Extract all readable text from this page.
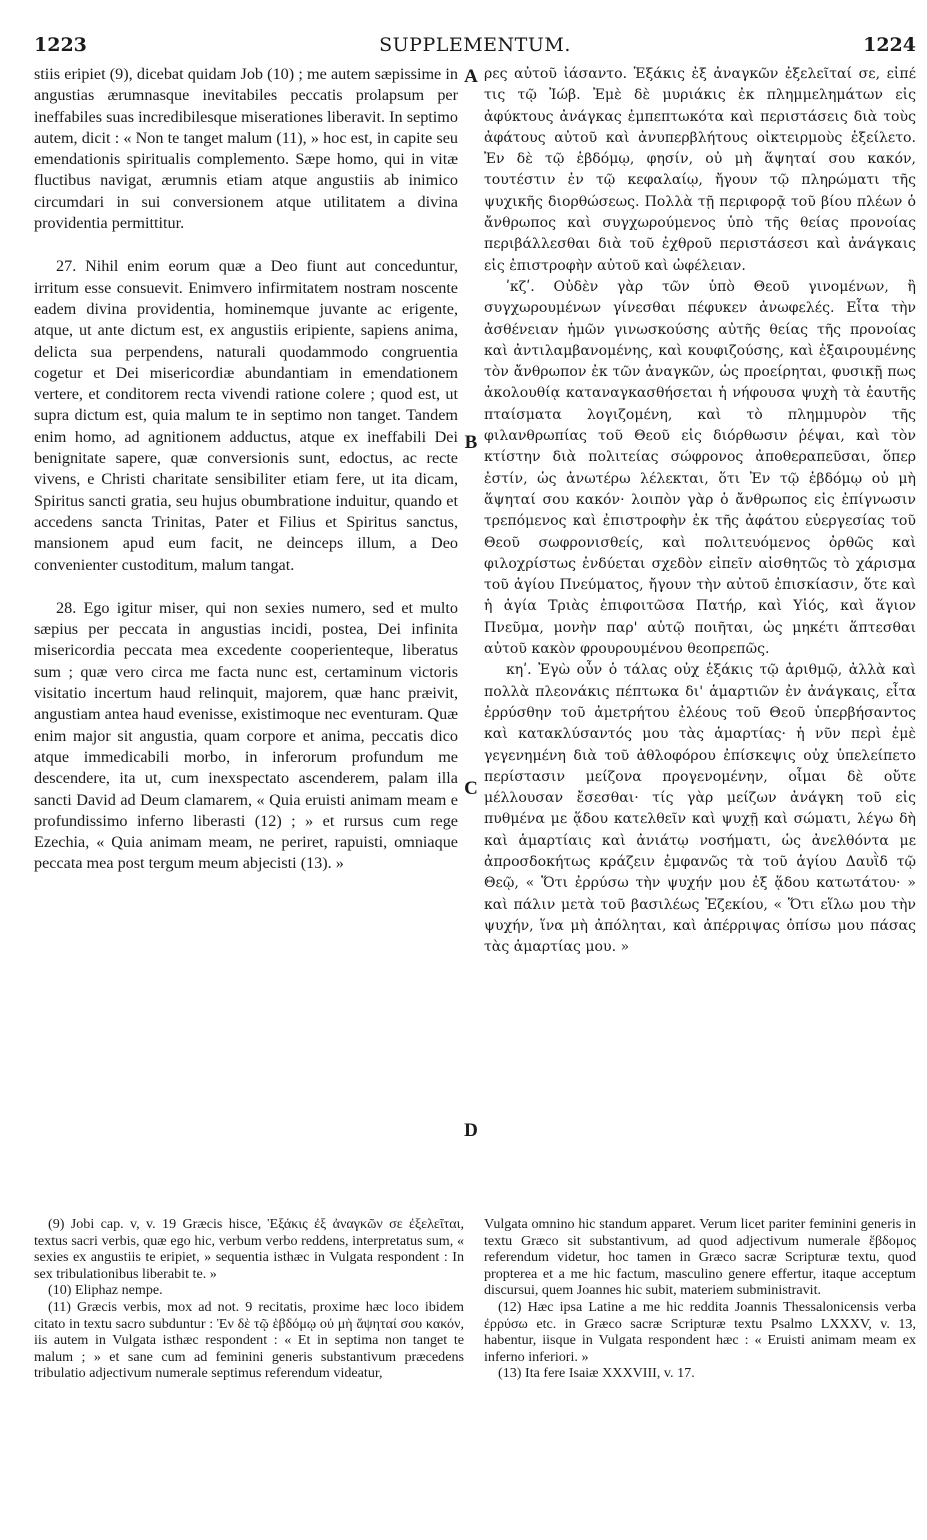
1223	SUPPLEMENTUM.	1224

stiis eripiet (9), dicebat quidam Job (10) ; me autem sæpissime in angustias ærumnasque inevitabiles peccatis prolapsum per ineffabiles suas incredibilesque miserationes liberavit. In septimo autem, dicit : « Non te tanget malum (11), » hoc est, in capite seu emendationis spiritualis complemento. Sæpe homo, qui in vitæ fluctibus navigat, ærumnis etiam atque angustiis ab inimico circumdari in sui conversionem atque utilitatem a divina providentia permittitur.

27. Nihil enim eorum quæ a Deo fiunt aut conceduntur, irritum esse consuevit. Enimvero infirmitatem nostram noscente eadem divina providentia, hominemque juvante ac erigente, atque, ut ante dictum est, ex angustiis eripiente, sapiens anima, delicta sua perpendens, naturali quodammodo congruentia cogetur et Dei misericordiæ abundantiam in emendationem vertere, et conditorem recta vivendi ratione colere ; quod est, ut supra dictum est, quia malum te in septimo non tanget. Tandem enim homo, ad agnitionem adductus, atque ex ineffabili Dei benignitate sapere, quæ conversionis sunt, edoctus, ac recte vivens, e Christi charitate sensibiliter etiam fere, ut ita dicam, Spiritus sancti gratia, seu hujus obumbratione induitur, quando et accedens sancta Trinitas, Pater et Filius et Spiritus sanctus, mansionem apud eum facit, ne deinceps illum, a Deo convenienter custoditum, malum tangat.

28. Ego igitur miser, qui non sexies numero, sed et multo sæpius per peccata in angustias incidi, postea, Dei infinita misericordia peccata mea excedente cooperienteque, liberatus sum ; quæ vero circa me facta nunc est, certaminum victoris visitatio incertum haud relinquit, majorem, quæ hanc præivit, angustiam antea haud evenisse, existimoque nec eventuram. Quæ enim major sit angustia, quam corpore et anima, peccatis dico atque immedicabili morbo, in inferorum profundum me descendere, ita ut, cum inexspectato ascenderem, palam illa sancti David ad Deum clamarem, « Quia eruisti animam meam e profundissimo inferno liberasti (12) ; » et rursus cum rege Ezechia, « Quia animam meam, ne periret, rapuisti, omniaque peccata mea post tergum meum abjecisti (13). »

A
B
C
D

ρες αὐτοῦ ἰάσαντο. Ἑξάκις ἐξ ἀναγκῶν ἐξελεῖταί σε, εἰπέ τις τῷ Ἰώβ. Ἐμὲ δὲ μυριάκις ἐκ πλημμελημάτων εἰς ἀφύκτους ἀνάγκας ἐμπεπτωκότα καὶ περιστάσεις διὰ τοὺς ἀφάτους αὐτοῦ καὶ ἀνυπερβλήτους οἰκτειρμοὺς ἐξείλετο. Ἐν δὲ τῷ ἑβδόμῳ, φησίν, οὐ μὴ ἅψηταί σου κακόν, τουτέστιν ἐν τῷ κεφαλαίῳ, ἤγουν τῷ πληρώματι τῆς ψυχικῆς διορθώσεως. Πολλὰ τῇ περιφορᾷ τοῦ βίου πλέων ὁ ἄνθρωπος καὶ συγχωρούμενος ὑπὸ τῆς θείας προνοίας περιβάλλεσθαι διὰ τοῦ ἐχθροῦ περιστάσεσι καὶ ἀνάγκαις εἰς ἐπιστροφὴν αὐτοῦ καὶ ὠφέλειαν.

ʹκζʹ. Οὐδὲν γὰρ τῶν ὑπὸ Θεοῦ γινομένων, ἢ συγχωρουμένων γίνεσθαι πέφυκεν ἀνωφελές. Εἶτα τὴν ἀσθένειαν ἡμῶν γινωσκούσης αὐτῆς θείας τῆς προνοίας καὶ ἀντιλαμβανομένης, καὶ κουφιζούσης, καὶ ἐξαιρουμένης τὸν ἄνθρωπον ἐκ τῶν ἀναγκῶν, ὡς προείρηται, φυσικῇ πως ἀκολουθίᾳ καταναγκασθήσεται ἡ νήφουσα ψυχὴ τὰ ἑαυτῆς πταίσματα λογιζομένη, καὶ τὸ πλημμυρὸν τῆς φιλανθρωπίας τοῦ Θεοῦ εἰς διόρθωσιν ῥέψαι, καὶ τὸν κτίστην διὰ πολιτείας σώφρονος ἀποθεραπεῦσαι, ὅπερ ἐστίν, ὡς ἀνωτέρω λέλεκται, ὅτι Ἐν τῷ ἑβδόμῳ οὐ μὴ ἅψηταί σου κακόν· λοιπὸν γὰρ ὁ ἄνθρωπος εἰς ἐπίγνωσιν τρεπόμενος καὶ ἐπιστροφὴν ἐκ τῆς ἀφάτου εὐεργεσίας τοῦ Θεοῦ σωφρονισθείς, καὶ πολιτευόμενος ὀρθῶς καὶ φιλοχρίστως ἐνδύεται σχεδὸν εἰπεῖν αἰσθητῶς τὸ χάρισμα τοῦ ἁγίου Πνεύματος, ἤγουν τὴν αὐτοῦ ἐπισκίασιν, ὅτε καὶ ἡ ἁγία Τριὰς ἐπιφοιτῶσα Πατήρ, καὶ Υἱός, καὶ ἅγιον Πνεῦμα, μονὴν παρ' αὐτῷ ποιῆται, ὡς μηκέτι ἅπτεσθαι αὐτοῦ κακὸν φρουρουμένου θεοπρεπῶς.

κηʹ. Ἐγὼ οὖν ὁ τάλας οὐχ ἑξάκις τῷ ἀριθμῷ, ἀλλὰ καὶ πολλὰ πλεονάκις πέπτωκα δι' ἁμαρτιῶν ἐν ἀνάγκαις, εἶτα ἐρρύσθην τοῦ ἀμετρήτου ἐλέους τοῦ Θεοῦ ὑπερβήσαντος καὶ κατακλύσαντός μου τὰς ἁμαρτίας· ἡ νῦν περὶ ἐμὲ γεγενημένη διὰ τοῦ ἀθλοφόρου ἐπίσκεψις οὐχ ὑπελείπετο περίστασιν μείζονα προγενομένην, οἶμαι δὲ οὔτε μέλλουσαν ἔσεσθαι· τίς γὰρ μείζων ἀνάγκη τοῦ εἰς πυθμένα με ᾅδου κατελθεῖν καὶ ψυχῇ καὶ σώματι, λέγω δὴ καὶ ἁμαρτίαις καὶ ἀνιάτῳ νοσήματι, ὡς ἀνελθόντα με ἀπροσδοκήτως κράζειν ἐμφανῶς τὰ τοῦ ἁγίου Δαυῒδ τῷ Θεῷ, « Ὅτι ἐρρύσω τὴν ψυχήν μου ἐξ ᾅδου κατωτάτου· » καὶ πάλιν μετὰ τοῦ βασιλέως Ἐζεκίου, « Ὅτι εἵλω μου τὴν ψυχήν, ἵνα μὴ ἀπόληται, καὶ ἀπέρριψας ὀπίσω μου πάσας τὰς ἁμαρτίας μου. »

(9) Jobi cap. v, v. 19 Græcis hisce, Ἑξάκις ἐξ ἀναγκῶν σε ἐξελεῖται, textus sacri verbis, quæ ego hic, verbum verbo reddens, interpretatus sum, « sexies ex angustiis te eripiet, » sequentia isthæc in Vulgata respondent : In sex tribulationibus liberabit te. »

(10) Eliphaz nempe.

(11) Græcis verbis, mox ad not. 9 recitatis, proxime hæc loco ibidem citato in textu sacro subduntur : Ἐν δὲ τῷ ἑβδόμῳ οὐ μὴ ἅψηταί σου κακόν, iis autem in Vulgata isthæc respondent : « Et in septima non tanget te malum ; » et sane cum ad feminini generis substantivum præcedens tribulatio adjectivum numerale septimus referendum videatur,

Vulgata omnino hic standum apparet. Verum licet pariter feminini generis in textu Græco sit substantivum, ad quod adjectivum numerale ἕβδομος referendum videtur, hoc tamen in Græco sacræ Scripturæ textu, quod propterea et a me hic factum, masculino genere effertur, itaque acceptum discursui, quem Joannes hic subit, materiem subministravit.

(12) Hæc ipsa Latine a me hic reddita Joannis Thessalonicensis verba ἐρρύσω etc. in Græco sacræ Scripturæ textu Psalmo LXXXV, v. 13, habentur, iisque in Vulgata respondent hæc : « Eruisti animam meam ex inferno inferiori. »

(13) Ita fere Isaiæ XXXVIII, v. 17.
